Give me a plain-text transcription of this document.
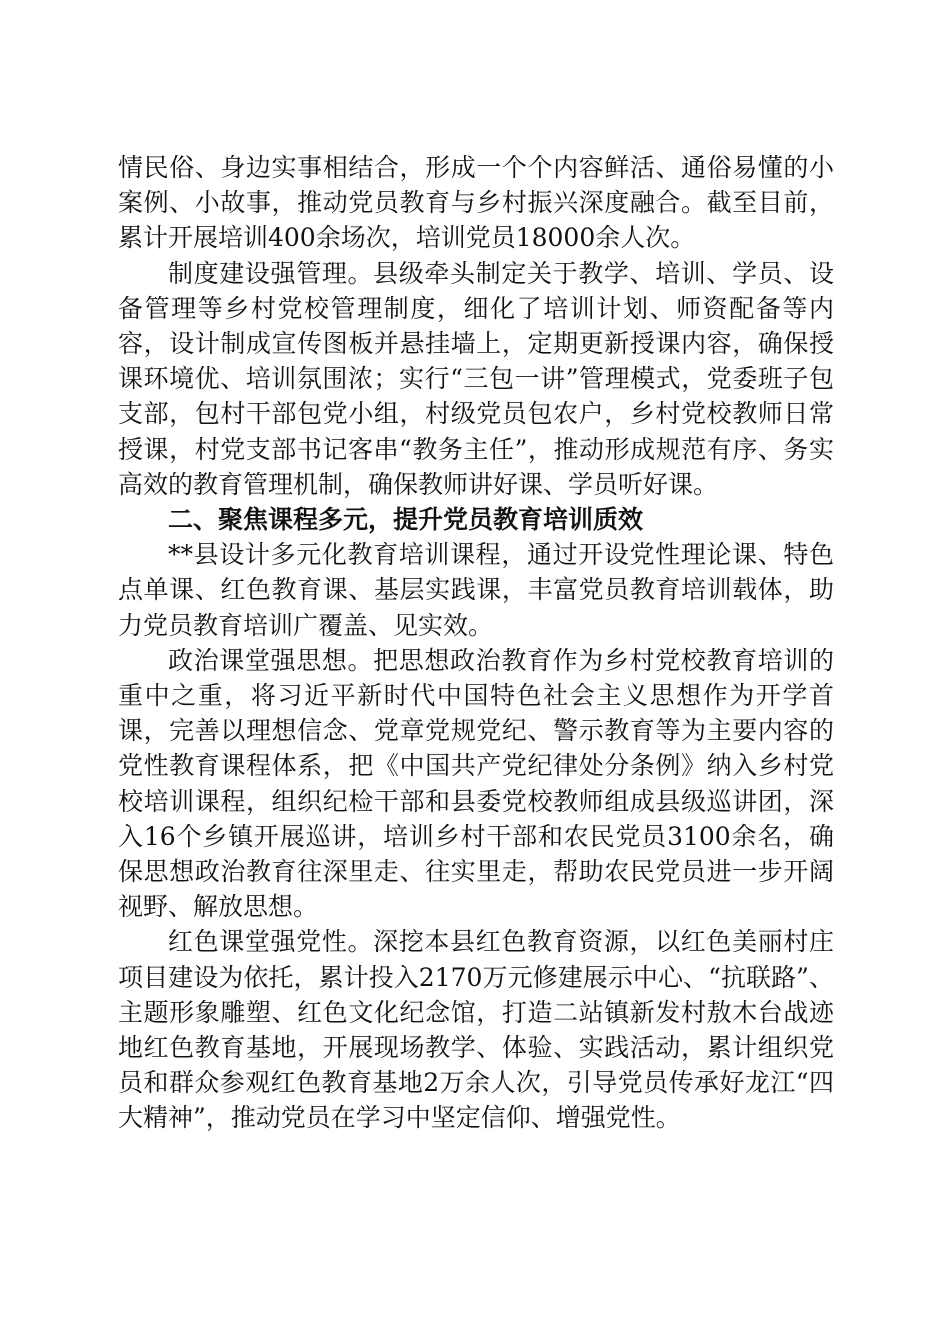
情民俗、身边实事相结合，形成一个个内容鲜活、通俗易懂的小案例、小故事，推动党员教育与乡村振兴深度融合。截至目前，累计开展培训400余场次，培训党员18000余人次。

制度建设强管理。县级牵头制定关于教学、培训、学员、设备管理等乡村党校管理制度，细化了培训计划、师资配备等内容，设计制成宣传图板并悬挂墙上，定期更新授课内容，确保授课环境优、培训氛围浓；实行“三包一讲”管理模式，党委班子包支部，包村干部包党小组，村级党员包农户，乡村党校教师日常授课，村党支部书记客串“教务主任”，推动形成规范有序、务实高效的教育管理机制，确保教师讲好课、学员听好课。

二、聚焦课程多元，提升党员教育培训质效

**县设计多元化教育培训课程，通过开设党性理论课、特色点单课、红色教育课、基层实践课，丰富党员教育培训载体，助力党员教育培训广覆盖、见实效。

政治课堂强思想。把思想政治教育作为乡村党校教育培训的重中之重，将习近平新时代中国特色社会主义思想作为开学首课，完善以理想信念、党章党规党纪、警示教育等为主要内容的党性教育课程体系，把《中国共产党纪律处分条例》纳入乡村党校培训课程，组织纪检干部和县委党校教师组成县级巡讲团，深入16个乡镇开展巡讲，培训乡村干部和农民党员3100余名，确保思想政治教育往深里走、往实里走，帮助农民党员进一步开阔视野、解放思想。

红色课堂强党性。深挖本县红色教育资源，以红色美丽村庄项目建设为依托，累计投入2170万元修建展示中心、“抗联路”、主题形象雕塑、红色文化纪念馆，打造二站镇新发村敖木台战迹地红色教育基地，开展现场教学、体验、实践活动，累计组织党员和群众参观红色教育基地2万余人次，引导党员传承好龙江“四大精神”，推动党员在学习中坚定信仰、增强党性。
